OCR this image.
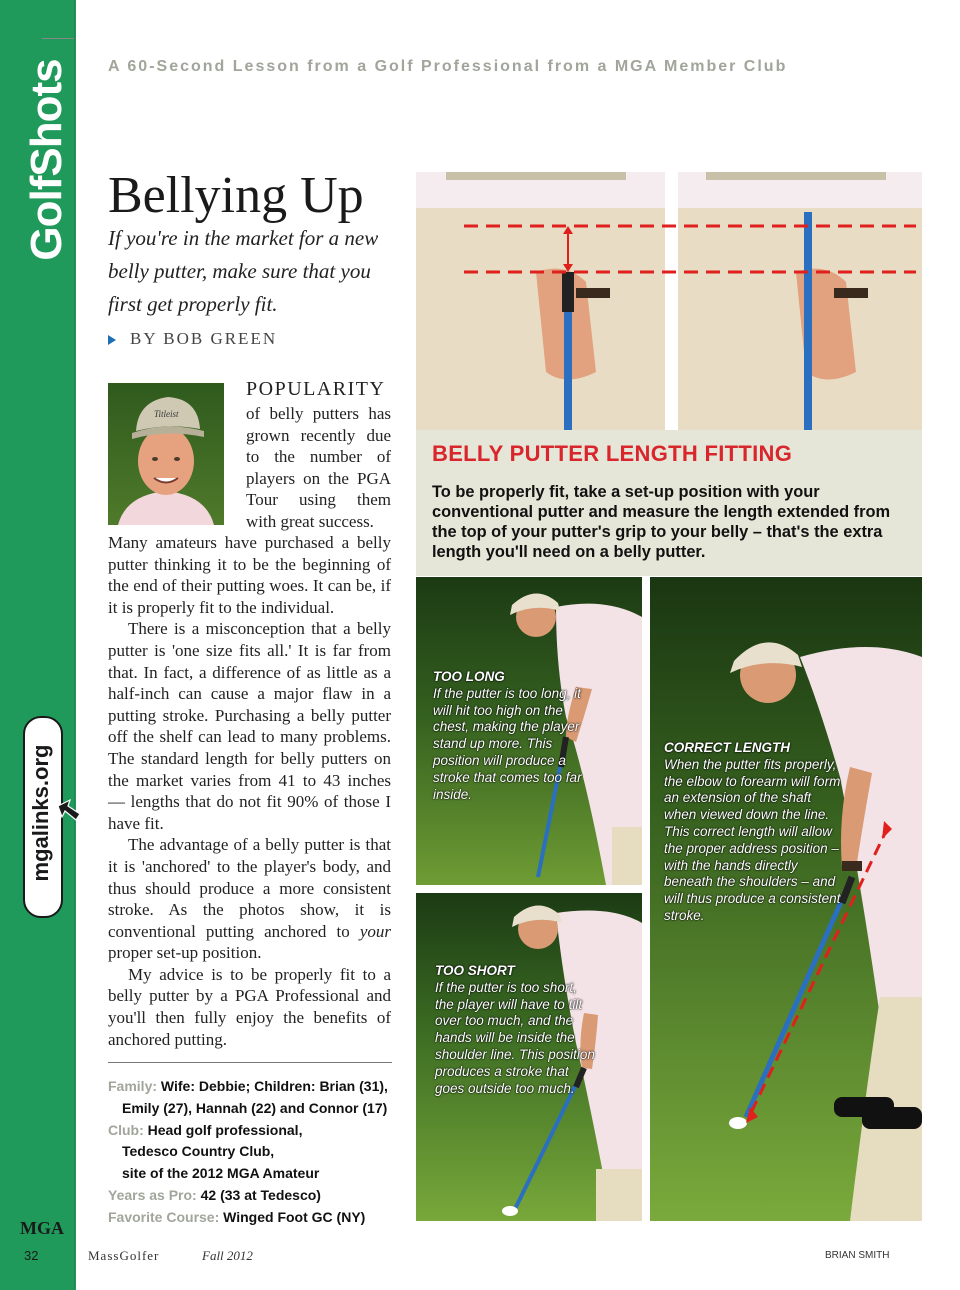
GolfShots
mgalinks.org
MGA
32
A 60-Second Lesson from a Golf Professional from a MGA Member Club
Bellying Up
If you're in the market for a new belly putter, make sure that you first get properly fit.
BY BOB GREEN
Titleist
POPULARITY

of belly putters has grown recently due to the number of players on the PGA Tour using them with great success.

Many amateurs have purchased a belly putter thinking it to be the beginning of the end of their putting woes. It can be, if it is properly fit to the individual.

There is a misconception that a belly putter is 'one size fits all.' It is far from that. In fact, a difference of as little as a half-inch can cause a major flaw in a putting stroke. Purchasing a belly putter off the shelf can lead to many problems. The standard length for belly putters on the market varies from 41 to 43 inches — lengths that do not fit 90% of those I have fit.

The advantage of a belly putter is that it is 'anchored' to the player's body, and thus should produce a more consistent stroke. As the photos show, it is conventional putting anchored to your proper set-up position.

My advice is to be properly fit to a belly putter by a PGA Professional and you'll then fully enjoy the benefits of anchored putting.

Family: Wife: Debbie; Children: Brian (31),
Emily (27), Hannah (22) and Connor (17)
Club: Head golf professional,
Tedesco Country Club,
site of the 2012 MGA Amateur
Years as Pro: 42 (33 at Tedesco)
Favorite Course: Winged Foot GC (NY)
BELLY PUTTER LENGTH FITTING
To be properly fit, take a set-up position with your conventional putter and measure the length extended from the top of your putter's grip to your belly – that's the extra length you'll need on a belly putter.
TOO LONG
If the putter is too long, it will hit too high on the chest, making the player stand up more. This position will produce a stroke that comes too far inside.
TOO SHORT
If the putter is too short, the player will have to tilt over too much, and the hands will be inside the shoulder line. This position produces a stroke that goes outside too much.
CORRECT LENGTH
When the putter fits properly, the elbow to forearm will form an extension of the shaft when viewed down the line. This correct length will allow the proper address position – with the hands directly beneath the shoulders – and will thus produce a consistent stroke.
MassGolfer	Fall 2012	BRIAN SMITH
